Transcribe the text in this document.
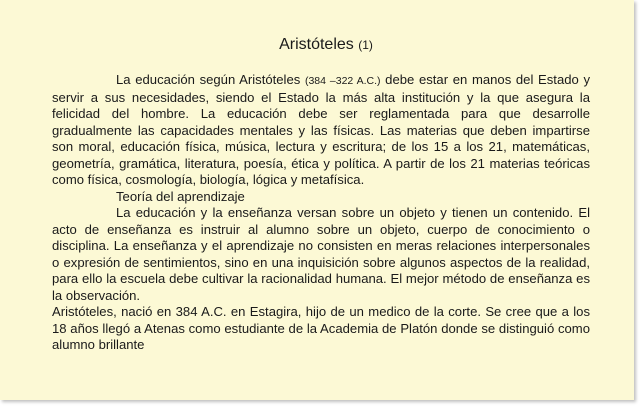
Aristóteles (1)

La educación según Aristóteles (384 –322 A.C.) debe estar en manos del Estado y servir a sus necesidades, siendo el Estado la más alta institución y la que asegura la felicidad del hombre. La educación debe ser reglamentada para que desarrolle gradualmente las capacidades mentales y las físicas. Las materias que deben impartirse son moral, educación física, música, lectura y escritura; de los 15 a los 21, matemáticas, geometría, gramática, literatura, poesía, ética y política. A partir de los 21 materias teóricas como física, cosmología, biología, lógica y metafísica.

Teoría del aprendizaje

La educación y la enseñanza versan sobre un objeto y tienen un contenido. El acto de enseñanza es instruir al alumno sobre un objeto, cuerpo de conocimiento o disciplina. La enseñanza y el aprendizaje no consisten en meras relaciones interpersonales o expresión de sentimientos, sino en una inquisición sobre algunos aspectos de la realidad, para ello la escuela debe cultivar la racionalidad humana. El mejor método de enseñanza es la observación.

Aristóteles, nació en 384 A.C. en Estagira, hijo de un medico de la corte. Se cree que a los 18 años llegó a Atenas como estudiante de la Academia de Platón donde se distinguió como alumno brillante
